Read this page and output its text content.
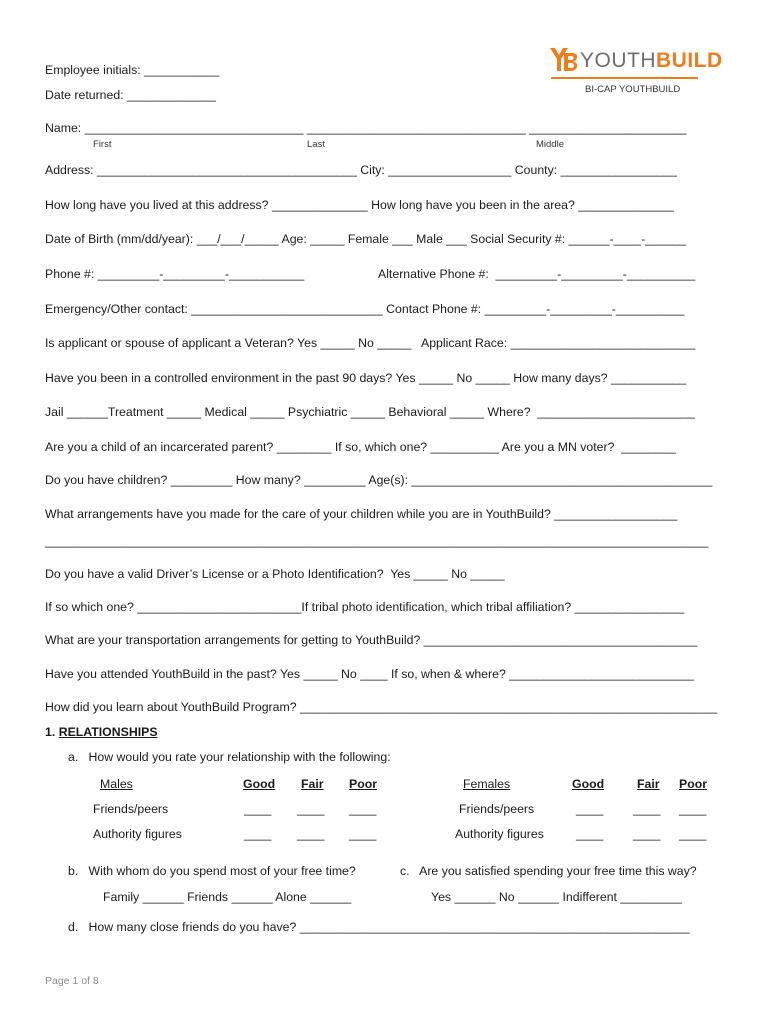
YOUTHBUILD
BI-CAP YOUTHBUILD
Employee initials: ___________
Date returned: _____________
Name: ________________________________ ________________________________ _______________________
First	Last	Middle
Address: ______________________________________ City: __________________ County: _________________
How long have you lived at this address? ______________ How long have you been in the area? ______________
Date of Birth (mm/dd/year): ___/___/_____ Age: _____ Female ___ Male ___ Social Security #: ______-____-______
Phone #: _________-_________-___________	Alternative Phone #:  _________-_________-__________
Emergency/Other contact: ____________________________ Contact Phone #: _________-_________-__________
Is applicant or spouse of applicant a Veteran? Yes _____ No _____   Applicant Race: ___________________________
Have you been in a controlled environment in the past 90 days? Yes _____ No _____ How many days? ___________
Jail ______Treatment _____ Medical _____ Psychiatric _____ Behavioral _____ Where?  _______________________
Are you a child of an incarcerated parent? ________ If so, which one? __________ Are you a MN voter?  ________
Do you have children? _________ How many? _________ Age(s): ____________________________________________
What arrangements have you made for the care of your children while you are in YouthBuild? __________________
_________________________________________________________________________________________________
Do you have a valid Driver’s License or a Photo Identification?  Yes _____ No _____
If so which one? ________________________If tribal photo identification, which tribal affiliation? ________________
What are your transportation arrangements for getting to YouthBuild? ________________________________________
Have you attended YouthBuild in the past? Yes _____ No ____ If so, when & where? ___________________________
How did you learn about YouthBuild Program? _____________________________________________________________
1. RELATIONSHIPS
a.   How would you rate your relationship with the following:
Males	Good Fair Poor	Females	Good	Fair Poor
Friends/peers	____ ____ ____	Friends/peers	____ ____ ____
Authority figures	____ ____ ____	Authority figures	____ ____ ____
b.   With whom do you spend most of your free time?	c.   Are you satisfied spending your free time this way?
Family ______ Friends ______ Alone ______	Yes ______ No ______ Indifferent _________
d.   How many close friends do you have? _________________________________________________________
Page 1 of 8
